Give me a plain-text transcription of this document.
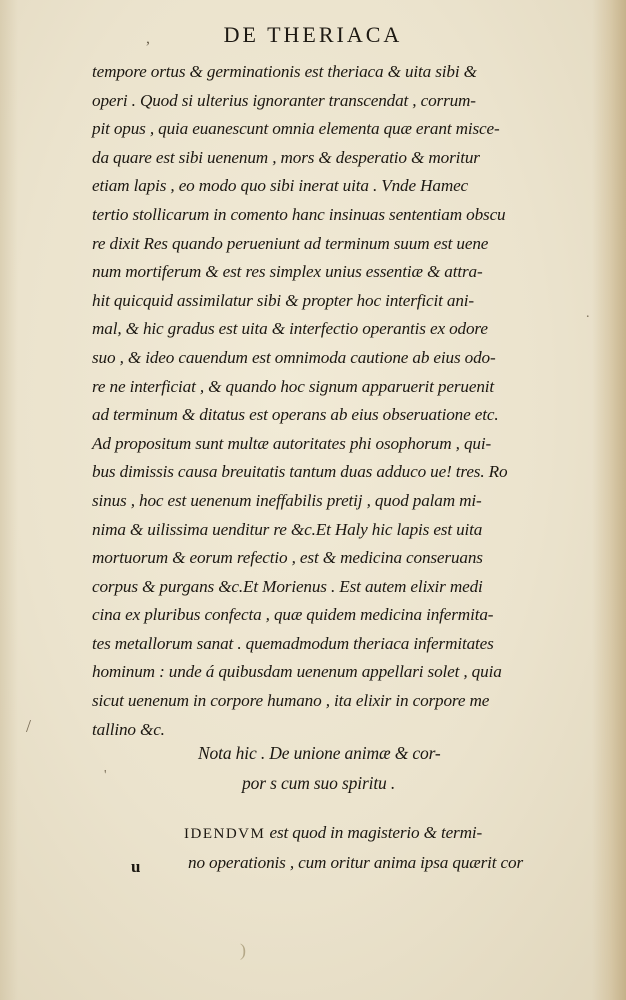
,	DE THERIACA
tempore ortus & germinationis est theriaca & uita sibi &
operi . Quod si ulterius ignoranter transcendat , corrum-
pit opus , quia euanescunt omnia elementa quæ erant misce-
da quare est sibi uenenum , mors & desperatio & moritur
etiam lapis , eo modo quo sibi inerat uita . Vnde Hamec
tertio stollicarum in comento hanc insinuas sententiam obscu
re dixit Res quando perueniunt ad terminum suum est uene
num mortiferum & est res simplex unius essentiæ & attra-
hit quicquid assimilatur sibi & propter hoc interficit ani-
mal, & hic gradus est uita & interfectio operantis ex odore
suo , & ideo cauendum est omnimoda cautione ab eius odo-
re ne interficiat , & quando hoc signum apparuerit peruenit
ad terminum & ditatus est operans ab eius obseruatione etc.
Ad propositum sunt multæ autoritates phi osophorum , qui-
bus dimissis causa breuitatis tantum duas adduco ue! tres. Ro
sinus , hoc est uenenum ineffabilis pretij , quod palam mi-
nima & uilissima uenditur re &c.Et Haly hic lapis est uita
mortuorum & eorum refectio , est & medicina conseruans
corpus & purgans &c.Et Morienus . Est autem elixir medi
cina ex pluribus confecta , quæ quidem medicina infermita-
tes metallorum sanat . quemadmodum theriaca infermitates
hominum : unde á quibusdam uenenum appellari solet , quia
sicut uenenum in corpore humano , ita elixir in corpore me
tallino &c.
/
'
.
Nota hic . De unione animæ & cor-
por s cum suo spiritu .
IDENDVM est quod in magisterio & termi-
no operationis , cum oritur anima ipsa quærit cor
u
)
